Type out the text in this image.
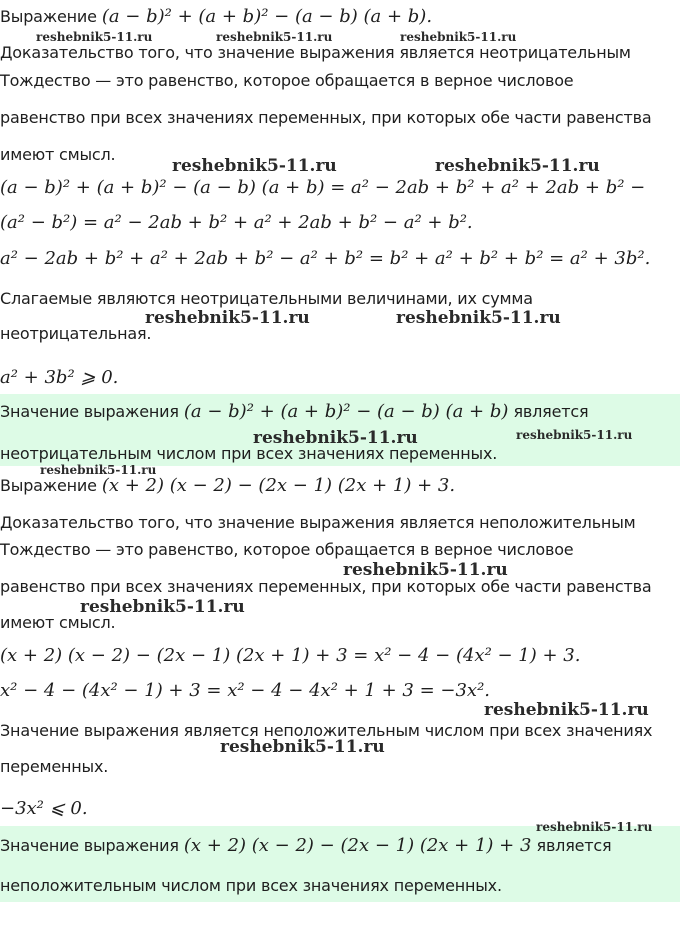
Выражение (a − b)² + (a + b)² − (a − b) (a + b).
Доказательство того, что значение выражения является неотрицательным
Тождество — это равенство, которое обращается в верное числовое
равенство при всех значениях переменных, при которых обе части равенства
имеют смысл.
(a − b)² + (a + b)² − (a − b) (a + b) = a² − 2ab + b² + a² + 2ab + b² −
(a² − b²) = a² − 2ab + b² + a² + 2ab + b² − a² + b².
a² − 2ab + b² + a² + 2ab + b² − a² + b² = b² + a² + b² + b² = a² + 3b².
Слагаемые являются неотрицательными величинами, их сумма
неотрицательная.
a² + 3b² ⩾ 0.
Значение выражения (a − b)² + (a + b)² − (a − b) (a + b) является
неотрицательным числом при всех значениях переменных.
Выражение (x + 2) (x − 2) − (2x − 1) (2x + 1) + 3.
Доказательство того, что значение выражения является неположительным
Тождество — это равенство, которое обращается в верное числовое
равенство при всех значениях переменных, при которых обе части равенства
имеют смысл.
(x + 2) (x − 2) − (2x − 1) (2x + 1) + 3 = x² − 4 − (4x² − 1) + 3.
x² − 4 − (4x² − 1) + 3 = x² − 4 − 4x² + 1 + 3 = −3x².
Значение выражения является неположительным числом при всех значениях
переменных.
−3x² ⩽ 0.
Значение выражения (x + 2) (x − 2) − (2x − 1) (2x + 1) + 3 является
неположительным числом при всех значениях переменных.
reshebnik5-11.ru	reshebnik5-11.ru	reshebnik5-11.ru
reshebnik5-11.ru	reshebnik5-11.ru
reshebnik5-11.ru	reshebnik5-11.ru
reshebnik5-11.ru	reshebnik5-11.ru
reshebnik5-11.ru
reshebnik5-11.ru
reshebnik5-11.ru
reshebnik5-11.ru
reshebnik5-11.ru
reshebnik5-11.ru
